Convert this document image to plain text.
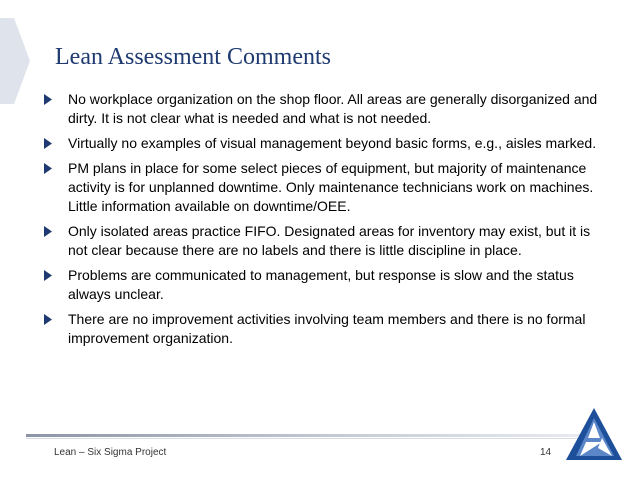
Lean Assessment Comments
No workplace organization on the shop floor. All areas are generally disorganized and dirty. It is not clear what is needed and what is not needed.
Virtually no examples of visual management beyond basic forms, e.g., aisles marked.
PM plans in place for some select pieces of equipment, but majority of maintenance activity is for unplanned downtime. Only maintenance technicians work on machines. Little information available on downtime/OEE.
Only isolated areas practice FIFO. Designated areas for inventory may exist, but it is not clear because there are no labels and there is little discipline in place.
Problems are communicated to management, but response is slow and the status always unclear.
There are no improvement activities involving team members and there is no formal improvement organization.
Lean – Six Sigma Project	14
